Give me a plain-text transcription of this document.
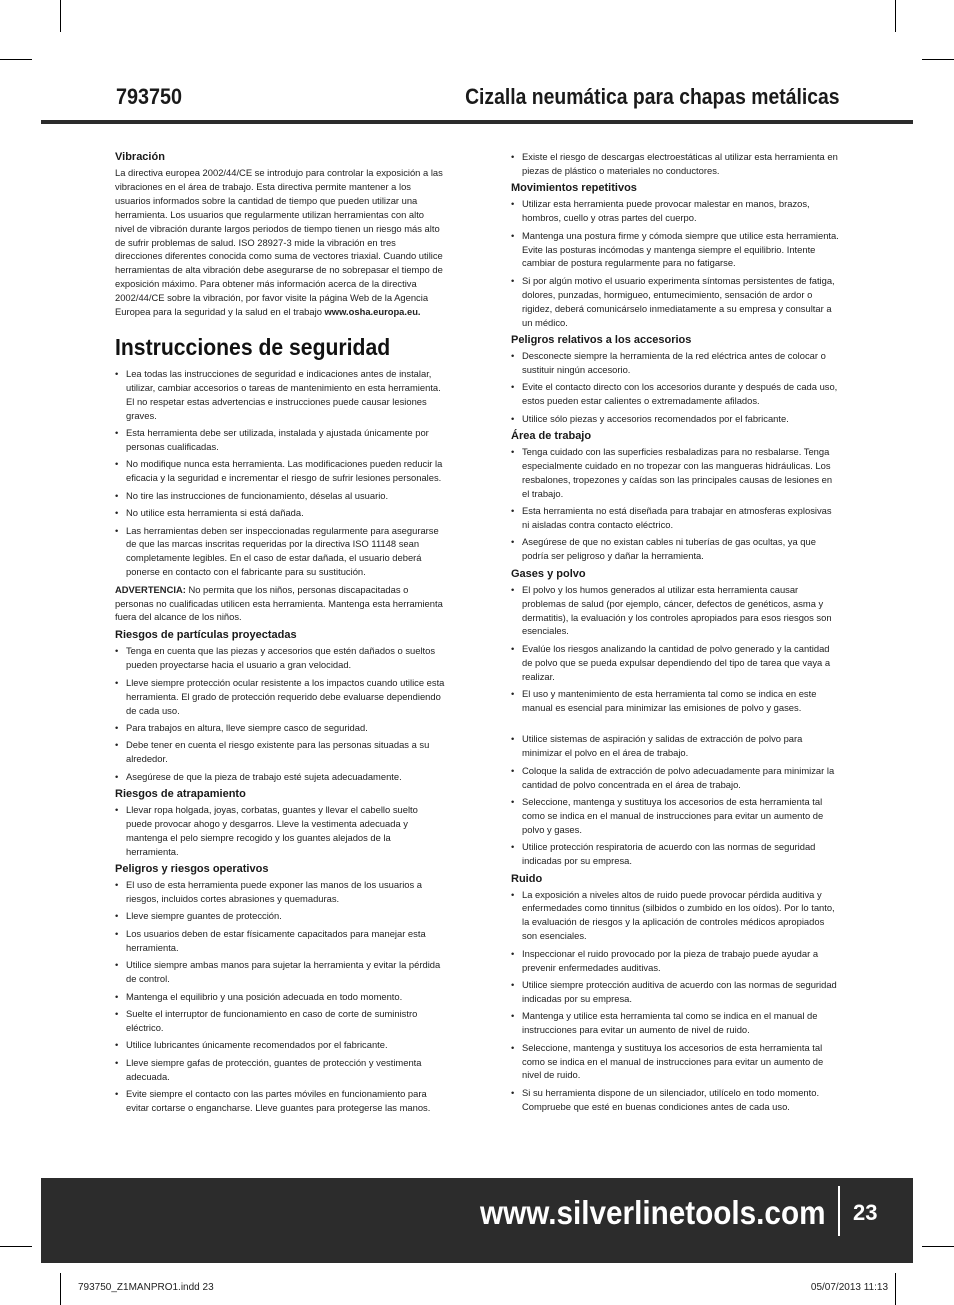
793750	Cizalla neumática para chapas metálicas
Vibración

La directiva europea 2002/44/CE se introdujo para controlar la exposición a las vibraciones en el área de trabajo. Esta directiva permite mantener a los usuarios informados sobre la cantidad de tiempo que pueden utilizar una herramienta. Los usuarios que regularmente utilizan herramientas con alto nivel de vibración durante largos periodos de tiempo tienen un riesgo más alto de sufrir problemas de salud. ISO 28927-3 mide la vibración en tres direcciones diferentes conocida como suma de vectores triaxial. Cuando utilice herramientas de alta vibración debe asegurarse de no sobrepasar el tiempo de exposición máximo. Para obtener más información acerca de la directiva 2002/44/CE sobre la vibración, por favor visite la página Web de la Agencia Europea para la seguridad y la salud en el trabajo www.osha.europa.eu.

Instrucciones de seguridad
• Lea todas las instrucciones de seguridad e indicaciones antes de instalar, utilizar, cambiar accesorios o tareas de mantenimiento en esta herramienta. El no respetar estas advertencias e instrucciones puede causar lesiones graves.
• Esta herramienta debe ser utilizada, instalada y ajustada únicamente por personas cualificadas.
• No modifique nunca esta herramienta. Las modificaciones pueden reducir la eficacia y la seguridad e incrementar el riesgo de sufrir lesiones personales.
• No tire las instrucciones de funcionamiento, déselas al usuario.
• No utilice esta herramienta si está dañada.
• Las herramientas deben ser inspeccionadas regularmente para asegurarse de que las marcas inscritas requeridas por la directiva ISO 11148 sean completamente legibles. En el caso de estar dañada, el usuario deberá ponerse en contacto con el fabricante para su sustitución.

ADVERTENCIA: No permita que los niños, personas discapacitadas o personas no cualificadas utilicen esta herramienta. Mantenga esta herramienta fuera del alcance de los niños.

Riesgos de partículas proyectadas
• Tenga en cuenta que las piezas y accesorios que estén dañados o sueltos pueden proyectarse hacia el usuario a gran velocidad.
• Lleve siempre protección ocular resistente a los impactos cuando utilice esta herramienta. El grado de protección requerido debe evaluarse dependiendo de cada uso.
• Para trabajos en altura, lleve siempre casco de seguridad.
• Debe tener en cuenta el riesgo existente para las personas situadas a su alrededor.
• Asegúrese de que la pieza de trabajo esté sujeta adecuadamente.
Riesgos de atrapamiento
• Llevar ropa holgada, joyas, corbatas, guantes y llevar el cabello suelto puede provocar ahogo y desgarros. Lleve la vestimenta adecuada y mantenga el pelo siempre recogido y los guantes alejados de la herramienta.
Peligros y riesgos operativos
• El uso de esta herramienta puede exponer las manos de los usuarios a riesgos, incluidos cortes abrasiones y quemaduras.
• Lleve siempre guantes de protección.
• Los usuarios deben de estar físicamente capacitados para manejar esta herramienta.
• Utilice siempre ambas manos para sujetar la herramienta y evitar la pérdida de control.
• Mantenga el equilibrio y una posición adecuada en todo momento.
• Suelte el interruptor de funcionamiento en caso de corte de suministro eléctrico.
• Utilice lubricantes únicamente recomendados por el fabricante.
• Lleve siempre gafas de protección, guantes de protección y vestimenta adecuada.
• Evite siempre el contacto con las partes móviles en funcionamiento para evitar cortarse o engancharse. Lleve guantes para protegerse las manos.
• Existe el riesgo de descargas electroestáticas al utilizar esta herramienta en piezas de plástico o materiales no conductores.
Movimientos repetitivos
• Utilizar esta herramienta puede provocar malestar en manos, brazos, hombros, cuello y otras partes del cuerpo.
• Mantenga una postura firme y cómoda siempre que utilice esta herramienta. Evite las posturas incómodas y mantenga siempre el equilibrio. Intente cambiar de postura regularmente para no fatigarse.
• Si por algún motivo el usuario experimenta síntomas persistentes de fatiga, dolores, punzadas, hormigueo, entumecimiento, sensación de ardor o rigidez, deberá comunicárselo inmediatamente a su empresa y consultar a un médico.
Peligros relativos a los accesorios
• Desconecte siempre la herramienta de la red eléctrica antes de colocar o sustituir ningún accesorio.
• Evite el contacto directo con los accesorios durante y después de cada uso, estos pueden estar calientes o extremadamente afilados.
• Utilice sólo piezas y accesorios recomendados por el fabricante.
Área de trabajo
• Tenga cuidado con las superficies resbaladizas para no resbalarse. Tenga especialmente cuidado en no tropezar con las mangueras hidráulicas. Los resbalones, tropezones y caídas son las principales causas de lesiones en el trabajo.
• Esta herramienta no está diseñada para trabajar en atmosferas explosivas ni aisladas contra contacto eléctrico.
• Asegúrese de que no existan cables ni tuberías de gas ocultas, ya que podría ser peligroso y dañar la herramienta.
Gases y polvo
• El polvo y los humos generados al utilizar esta herramienta causar problemas de salud (por ejemplo, cáncer, defectos de genéticos, asma y dermatitis), la evaluación y los controles apropiados para esos riesgos son esenciales.
• Evalúe los riesgos analizando la cantidad de polvo generado y la cantidad de polvo que se pueda expulsar dependiendo del tipo de tarea que vaya a realizar.
• El uso y mantenimiento de esta herramienta tal como se indica en este manual es esencial para minimizar las emisiones de polvo y gases.
• Utilice sistemas de aspiración y salidas de extracción de polvo para minimizar el polvo en el área de trabajo.
• Coloque la salida de extracción de polvo adecuadamente para minimizar la cantidad de polvo concentrada en el área de trabajo.
• Seleccione, mantenga y sustituya los accesorios de esta herramienta tal como se indica en el manual de instrucciones para evitar un aumento de polvo y gases.
• Utilice protección respiratoria de acuerdo con las normas de seguridad indicadas por su empresa.
Ruido
• La exposición a niveles altos de ruido puede provocar pérdida auditiva y enfermedades como tinnitus (silbidos o zumbido en los oídos). Por lo tanto, la evaluación de riesgos y la aplicación de controles médicos apropiados son esenciales.
• Inspeccionar el ruido provocado por la pieza de trabajo puede ayudar a prevenir enfermedades auditivas.
• Utilice siempre protección auditiva de acuerdo con las normas de seguridad indicadas por su empresa.
• Mantenga y utilice esta herramienta tal como se indica en el manual de instrucciones para evitar un aumento de nivel de ruido.
• Seleccione, mantenga y sustituya los accesorios de esta herramienta tal como se indica en el manual de instrucciones para evitar un aumento de nivel de ruido.
• Si su herramienta dispone de un silenciador, utilícelo en todo momento. Compruebe que esté en buenas condiciones antes de cada uso.
www.silverlinetools.com 23
793750_Z1MANPRO1.indd 23	05/07/2013 11:13
